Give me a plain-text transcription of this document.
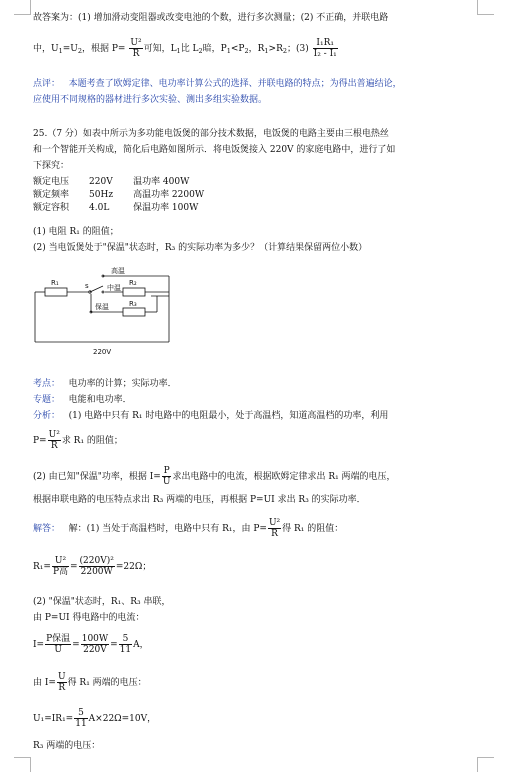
故答案为：(1) 增加滑动变阻器或改变电池的个数，进行多次测量；(2) 不正确，并联电路
中，$U_1=U_2$，根据 $P= \frac{\text{U²}}{R}$ 可知，$L_1$比 $L_2$暗，$P_1<P_2$，$R_1>R_2$；$(3) \frac{\text{I₁R₁}}{\text{I₂ - I₁}}$
点评： 本题考查了欧姆定律、电功率计算公式的选择、并联电路的特点；为得出普遍结论，
应使用不同规格的器材进行多次实验、测出多组实验数据。
25.（7 分）如表中所示为多功能电饭煲的部分技术数据，电饭煲的电路主要由三根电热丝
和一个智能开关构成，简化后电路如图所示．将电饭煲接入 220V 的家庭电路中，进行了如
下探究：
额定电压	220V	温功率 400W
额定频率	50Hz	高温功率 2200W
额定容积	4.0L	保温功率 100W
(1) 电阻 R₁ 的阻值；
(2) 当电饭煲处于"保温"状态时，R₃ 的实际功率为多少？（计算结果保留两位小数）
高温
中温
保温
R₁	R₂
R₃
s
220V
考点： 电功率的计算；实际功率．
专题： 电能和电功率．
分析： (1) 电路中只有 R₁ 时电路中的电阻最小，处于高温档，知道高温档的功率，利用
$P= \frac{\text{U²}}{R}$ 求 R₁ 的阻值；
(2) 由已知"保温"功率，根据 $I= \frac{P}{U}$ 求出电路中的电流，根据欧姆定律求出 R₁ 两端的电压，
根据串联电路的电压特点求出 R₃ 两端的电压，再根据 P=UI 求出 R₃ 的实际功率．
解答： 解：(1) 当处于高温档时，电路中只有 R₁，由 $P= \frac{\text{U²}}{R}$ 得 R₁ 的阻值：
$R_1= \frac{\text{U²}}{\text{P高}} = \frac{\text{(220V)²}}{2200W} =22\Omega$；
(2) "保温"状态时，R₁、R₃ 串联，
由 P=UI 得电路中的电流：
$I= \frac{\text{P保温}}{U} = \frac{100W}{220V} = \frac{5}{11}$ A，
由 $I= \frac{U}{R}$ 得 R₁ 两端的电压：
$U_1=IR_1= \frac{5}{11} A\times 22\Omega=10V$，
R₃ 两端的电压：
